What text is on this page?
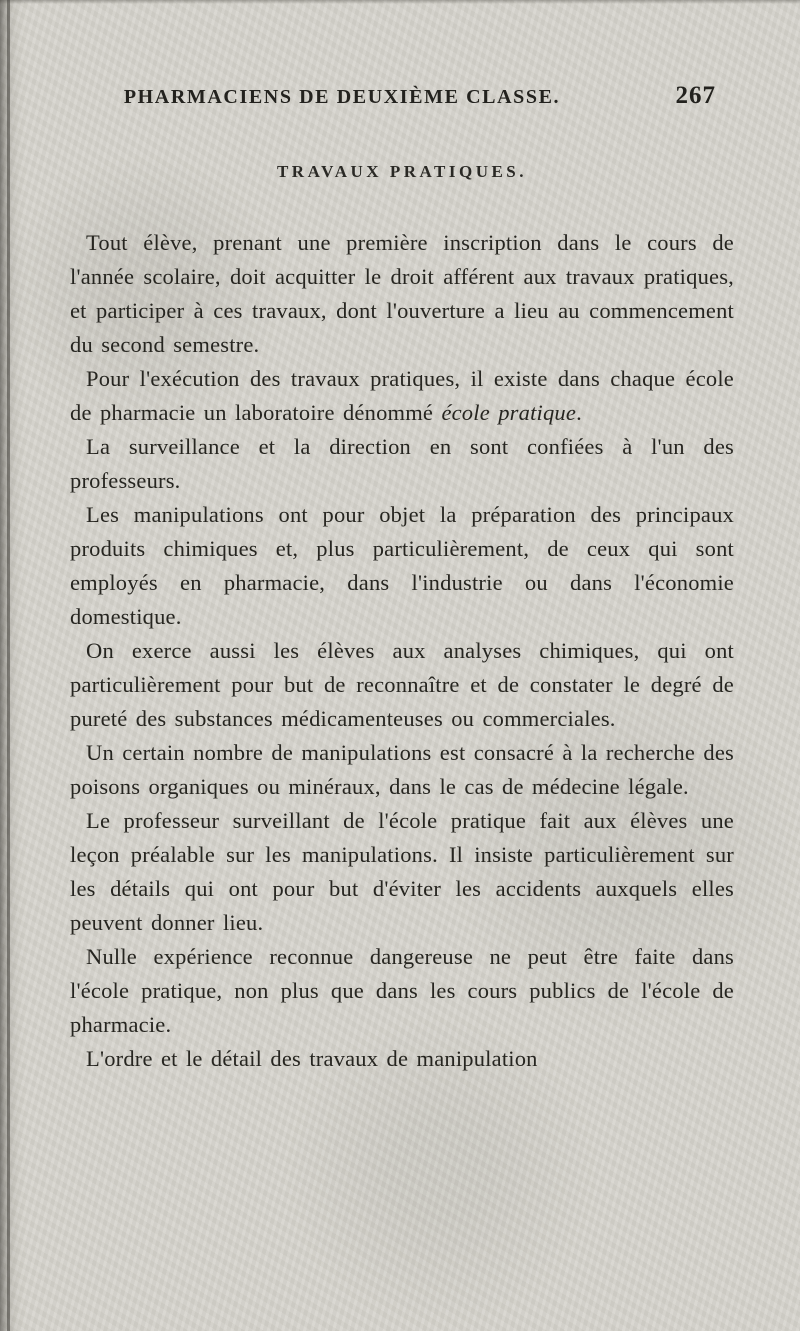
PHARMACIENS DE DEUXIÈME CLASSE.	267
TRAVAUX PRATIQUES.

Tout élève, prenant une première inscription dans le cours de l'année scolaire, doit acquitter le droit afférent aux travaux pratiques, et participer à ces travaux, dont l'ouverture a lieu au commencement du second semestre.

Pour l'exécution des travaux pratiques, il existe dans chaque école de pharmacie un laboratoire dénommé école pratique.

La surveillance et la direction en sont confiées à l'un des professeurs.

Les manipulations ont pour objet la préparation des principaux produits chimiques et, plus particulièrement, de ceux qui sont employés en pharmacie, dans l'industrie ou dans l'économie domestique.

On exerce aussi les élèves aux analyses chimiques, qui ont particulièrement pour but de reconnaître et de constater le degré de pureté des substances médicamenteuses ou commerciales.

Un certain nombre de manipulations est consacré à la recherche des poisons organiques ou minéraux, dans le cas de médecine légale.

Le professeur surveillant de l'école pratique fait aux élèves une leçon préalable sur les manipulations. Il insiste particulièrement sur les détails qui ont pour but d'éviter les accidents auxquels elles peuvent donner lieu.

Nulle expérience reconnue dangereuse ne peut être faite dans l'école pratique, non plus que dans les cours publics de l'école de pharmacie.

L'ordre et le détail des travaux de manipulation
